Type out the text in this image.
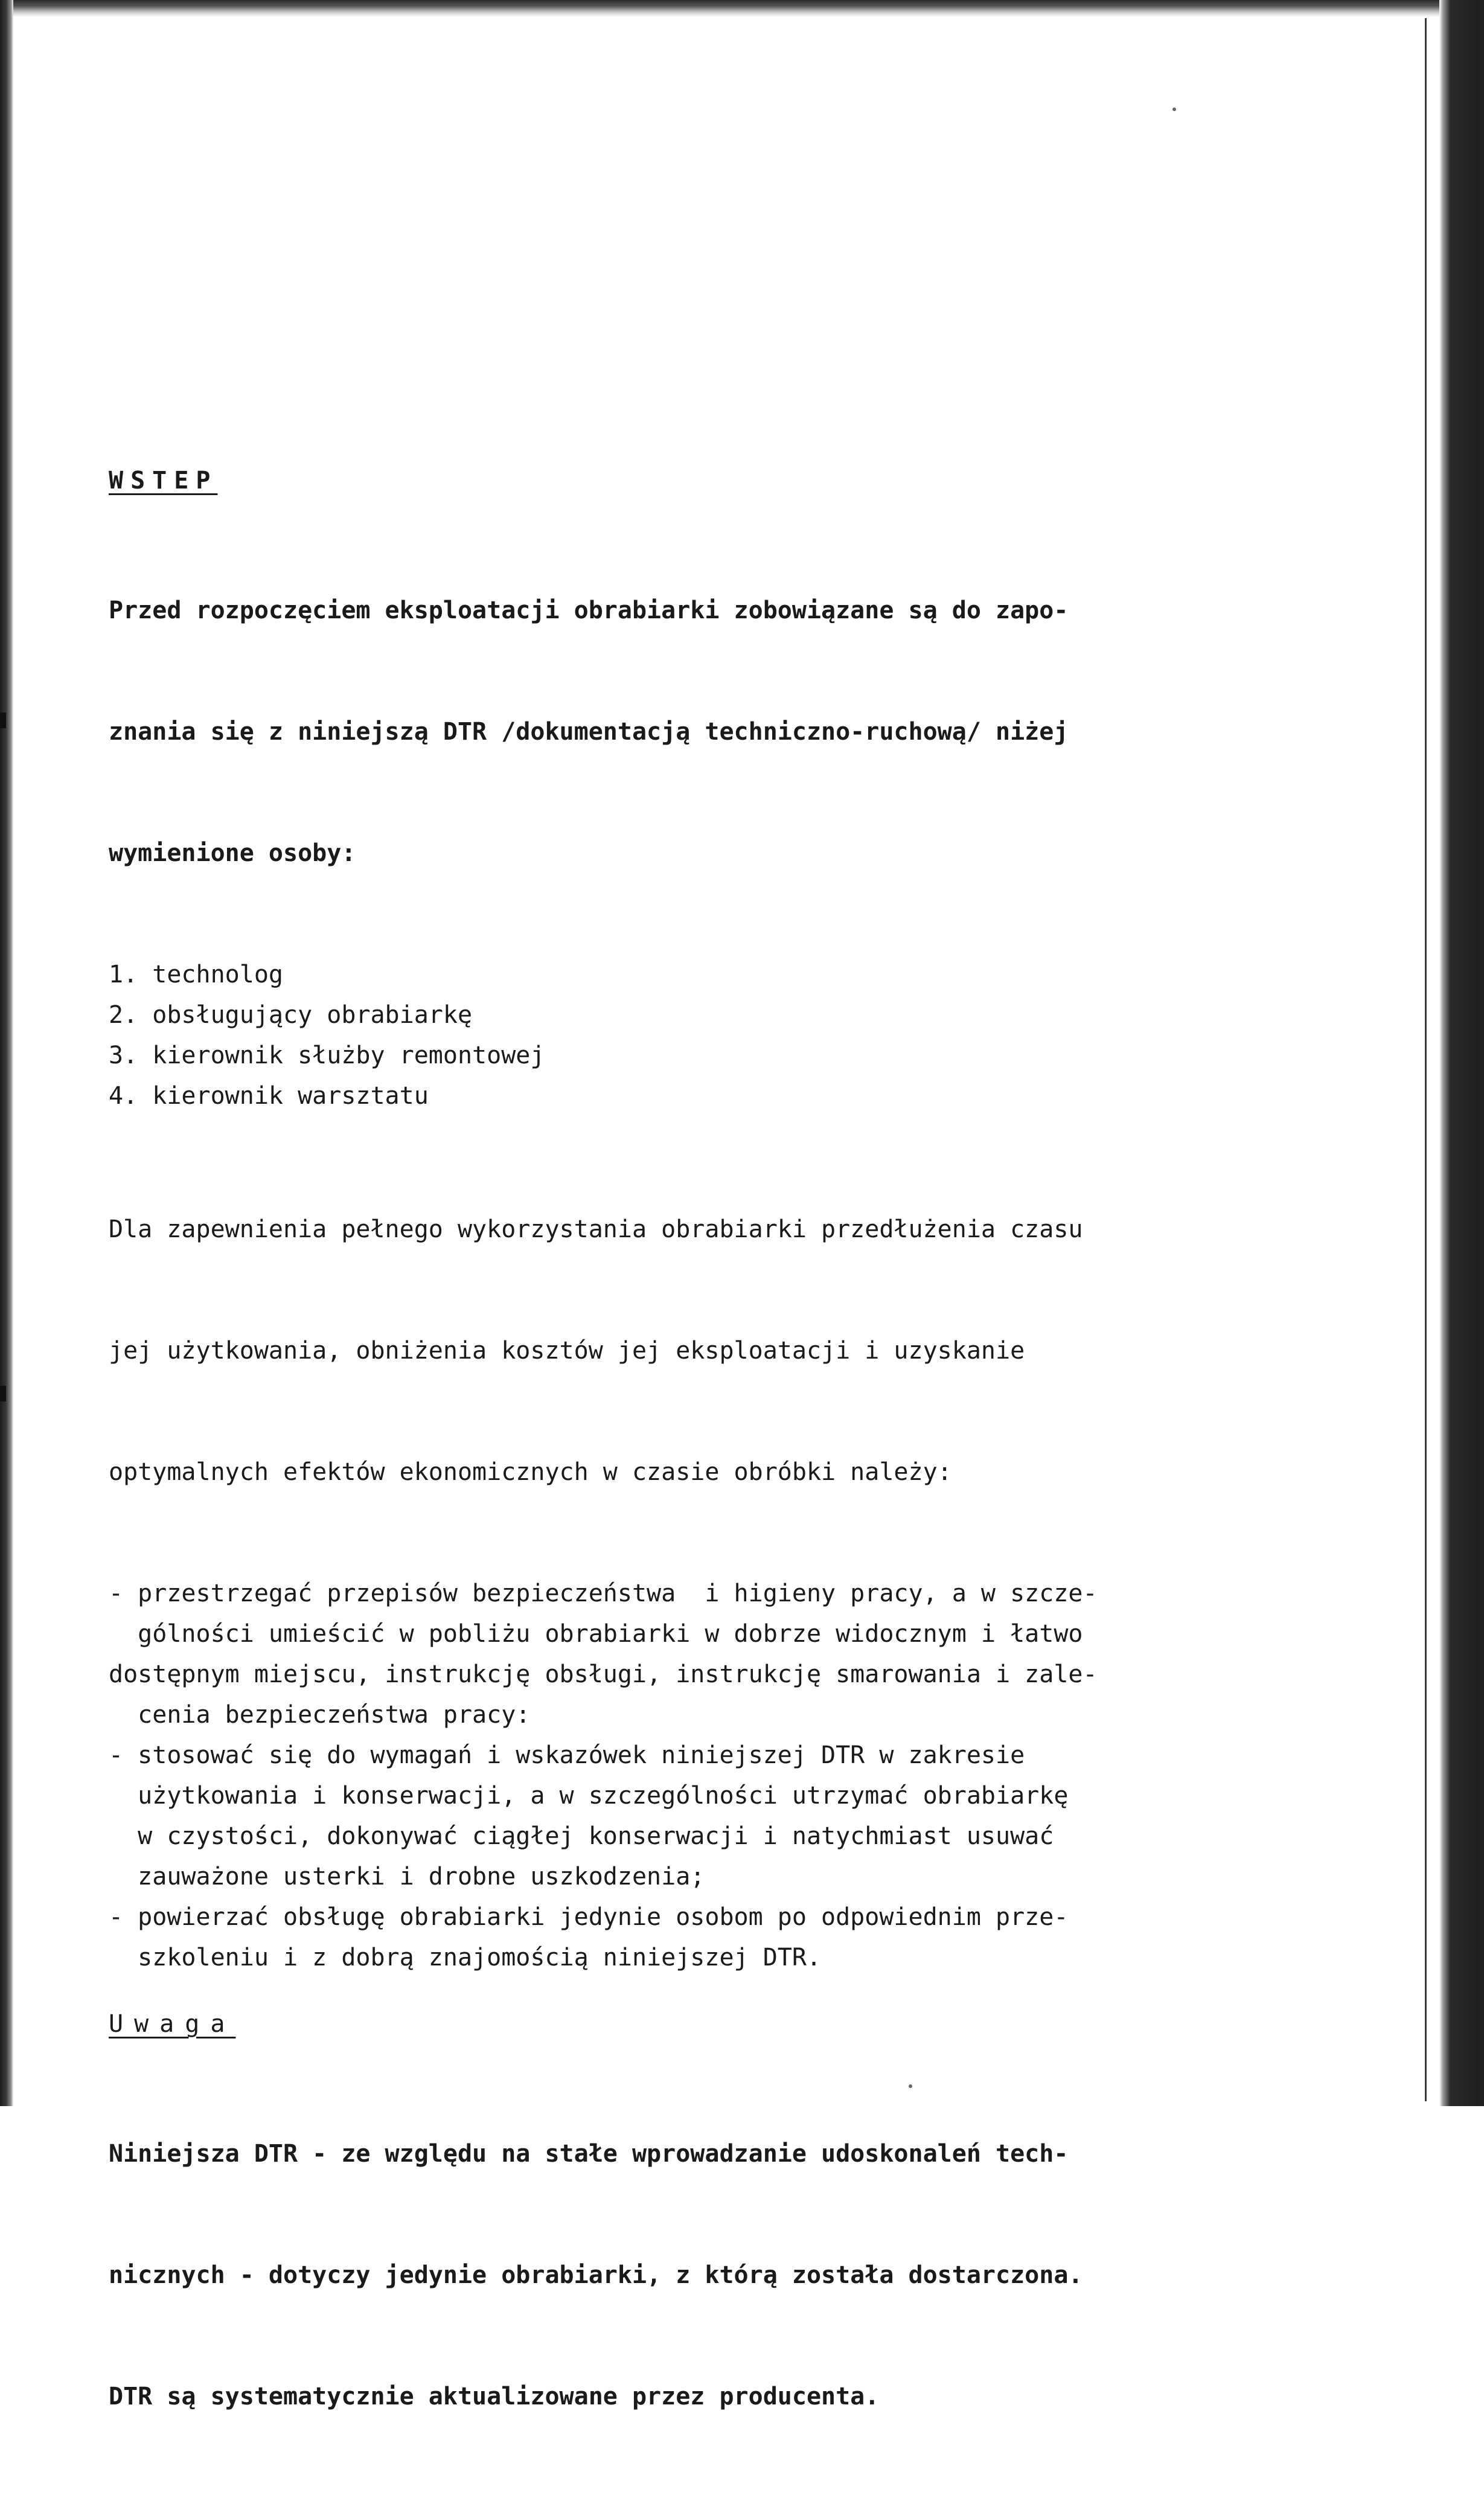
WSTEP

Przed rozpoczęciem eksploatacji obrabiarki zobowiązane są do zapo-

znania się z niniejszą DTR /dokumentacją techniczno-ruchową/ niżej

wymienione osoby:

1. technolog
2. obsługujący obrabiarkę
3. kierownik służby remontowej
4. kierownik warsztatu

Dla zapewnienia pełnego wykorzystania obrabiarki przedłużenia czasu

jej użytkowania, obniżenia kosztów jej eksploatacji i uzyskanie

optymalnych efektów ekonomicznych w czasie obróbki należy:

- przestrzegać przepisów bezpieczeństwa  i higieny pracy, a w szcze-
gólności umieścić w pobliżu obrabiarki w dobrze widocznym i łatwo
dostępnym miejscu, instrukcję obsługi, instrukcję smarowania i zale-
cenia bezpieczeństwa pracy:
- stosować się do wymagań i wskazówek niniejszej DTR w zakresie
użytkowania i konserwacji, a w szczególności utrzymać obrabiarkę
w czystości, dokonywać ciągłej konserwacji i natychmiast usuwać
zauważone usterki i drobne uszkodzenia;
- powierzać obsługę obrabiarki jedynie osobom po odpowiednim prze-
szkoleniu i z dobrą znajomością niniejszej DTR.
Uwaga

Niniejsza DTR - ze względu na stałe wprowadzanie udoskonaleń tech-

nicznych - dotyczy jedynie obrabiarki, z którą została dostarczona.

DTR są systematycznie aktualizowane przez producenta.
